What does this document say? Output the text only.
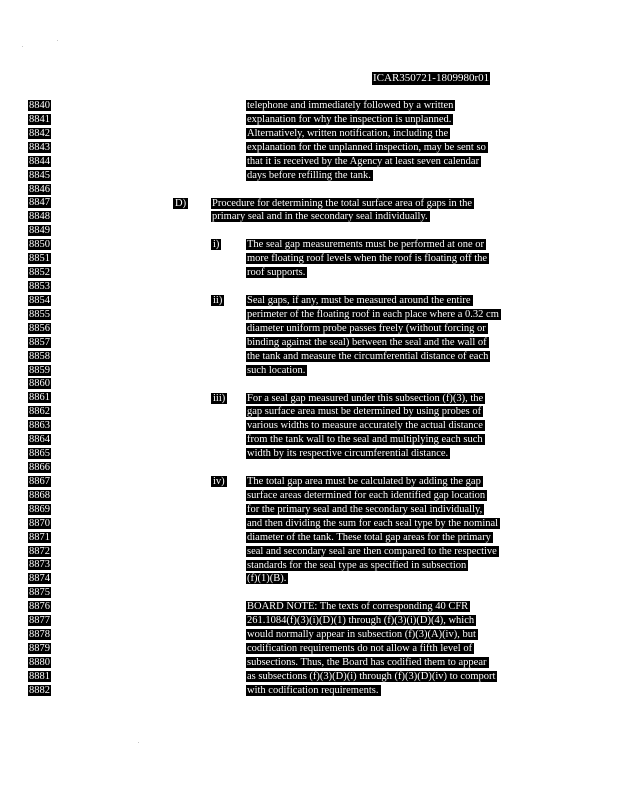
ICAR350721-1809980r01
8840
8841
8842
8843
8844
8845
8846
8847
8848
8849
8850
8851
8852
8853
8854
8855
8856
8857
8858
8859
8860
8861
8862
8863
8864
8865
8866
8867
8868
8869
8870
8871
8872
8873
8874
8875
8876
8877
8878
8879
8880
8881
8882
telephone and immediately followed by a written
explanation for why the inspection is unplanned.
Alternatively, written notification, including the
explanation for the unplanned inspection, may be sent so
that it is received by the Agency at least seven calendar
days before refilling the tank.
D) Procedure for determining the total surface area of gaps in the
primary seal and in the secondary seal individually.
i)	The seal gap measurements must be performed at one or
more floating roof levels when the roof is floating off the
roof supports.
ii) Seal gaps, if any, must be measured around the entire
perimeter of the floating roof in each place where a 0.32 cm
diameter uniform probe passes freely (without forcing or
binding against the seal) between the seal and the wall of
the tank and measure the circumferential distance of each
such location.
iii) For a seal gap measured under this subsection (f)(3), the
gap surface area must be determined by using probes of
various widths to measure accurately the actual distance
from the tank wall to the seal and multiplying each such
width by its respective circumferential distance.
iv) The total gap area must be calculated by adding the gap
surface areas determined for each identified gap location
for the primary seal and the secondary seal individually,
and then dividing the sum for each seal type by the nominal
diameter of the tank. These total gap areas for the primary
seal and secondary seal are then compared to the respective
standards for the seal type as specified in subsection
(f)(1)(B).
BOARD NOTE: The texts of corresponding 40 CFR
261.1084(f)(3)(i)(D)(1) through (f)(3)(i)(D)(4), which
would normally appear in subsection (f)(3)(A)(iv), but
codification requirements do not allow a fifth level of
subsections. Thus, the Board has codified them to appear
as subsections (f)(3)(D)(i) through (f)(3)(D)(iv) to comport
with codification requirements.
